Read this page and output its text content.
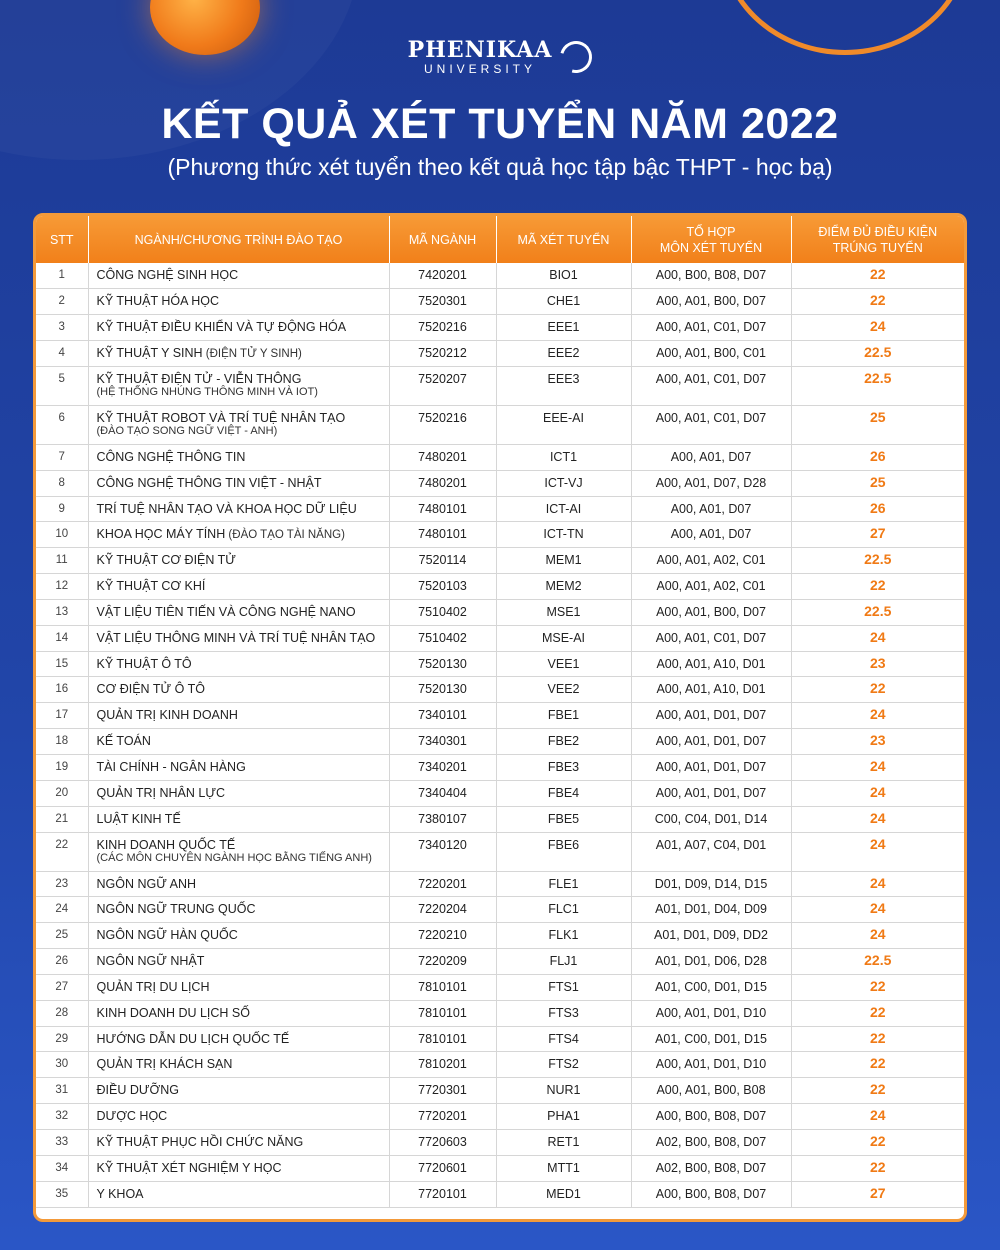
PHENIKAA
UNIVERSITY
KẾT QUẢ XÉT TUYỂN NĂM 2022
(Phương thức xét tuyển theo kết quả học tập bậc THPT - học bạ)
STT	NGÀNH/CHƯƠNG TRÌNH ĐÀO TẠO	MÃ NGÀNH	MÃ XÉT TUYỂN	TỔ HỢP
MÔN XÉT TUYỂN	ĐIỂM ĐỦ ĐIỀU KIỆN
TRÚNG TUYỂN
1	CÔNG NGHỆ SINH HỌC	7420201	BIO1	A00, B00, B08, D07	22
2	KỸ THUẬT HÓA HỌC	7520301	CHE1	A00, A01, B00, D07	22
3	KỸ THUẬT ĐIỀU KHIỂN VÀ TỰ ĐỘNG HÓA	7520216	EEE1	A00, A01, C01, D07	24
4	KỸ THUẬT Y SINH (ĐIỆN TỬ Y SINH)	7520212	EEE2	A00, A01, B00, C01	22.5
5	KỸ THUẬT ĐIỆN TỬ - VIỄN THÔNG
(HỆ THỐNG NHÚNG THÔNG MINH VÀ IOT)	7520207	EEE3	A00, A01, C01, D07	22.5
6	KỸ THUẬT ROBOT VÀ TRÍ TUỆ NHÂN TẠO
(ĐÀO TẠO SONG NGỮ VIỆT - ANH)	7520216	EEE-AI	A00, A01, C01, D07	25
7	CÔNG NGHỆ THÔNG TIN	7480201	ICT1	A00, A01, D07	26
8	CÔNG NGHỆ THÔNG TIN VIỆT - NHẬT	7480201	ICT-VJ	A00, A01, D07, D28	25
9	TRÍ TUỆ NHÂN TẠO VÀ KHOA HỌC DỮ LIỆU	7480101	ICT-AI	A00, A01, D07	26
10	KHOA HỌC MÁY TÍNH (ĐÀO TẠO TÀI NĂNG)	7480101	ICT-TN	A00, A01, D07	27
11	KỸ THUẬT CƠ ĐIỆN TỬ	7520114	MEM1	A00, A01, A02, C01	22.5
12	KỸ THUẬT CƠ KHÍ	7520103	MEM2	A00, A01, A02, C01	22
13	VẬT LIỆU TIÊN TIẾN VÀ CÔNG NGHỆ NANO	7510402	MSE1	A00, A01, B00, D07	22.5
14	VẬT LIỆU THÔNG MINH VÀ TRÍ TUỆ NHÂN TẠO	7510402	MSE-AI	A00, A01, C01, D07	24
15	KỸ THUẬT Ô TÔ	7520130	VEE1	A00, A01, A10, D01	23
16	CƠ ĐIỆN TỬ Ô TÔ	7520130	VEE2	A00, A01, A10, D01	22
17	QUẢN TRỊ KINH DOANH	7340101	FBE1	A00, A01, D01, D07	24
18	KẾ TOÁN	7340301	FBE2	A00, A01, D01, D07	23
19	TÀI CHÍNH - NGÂN HÀNG	7340201	FBE3	A00, A01, D01, D07	24
20	QUẢN TRỊ NHÂN LỰC	7340404	FBE4	A00, A01, D01, D07	24
21	LUẬT KINH TẾ	7380107	FBE5	C00, C04, D01, D14	24
22	KINH DOANH QUỐC TẾ
(CÁC MÔN CHUYÊN NGÀNH HỌC BẰNG TIẾNG ANH)	7340120	FBE6	A01, A07, C04, D01	24
23	NGÔN NGỮ ANH	7220201	FLE1	D01, D09, D14, D15	24
24	NGÔN NGỮ TRUNG QUỐC	7220204	FLC1	A01, D01, D04, D09	24
25	NGÔN NGỮ HÀN QUỐC	7220210	FLK1	A01, D01, D09, DD2	24
26	NGÔN NGỮ NHẬT	7220209	FLJ1	A01, D01, D06, D28	22.5
27	QUẢN TRỊ DU LỊCH	7810101	FTS1	A01, C00, D01, D15	22
28	KINH DOANH DU LỊCH SỐ	7810101	FTS3	A00, A01, D01, D10	22
29	HƯỚNG DẪN DU LỊCH QUỐC TẾ	7810101	FTS4	A01, C00, D01, D15	22
30	QUẢN TRỊ KHÁCH SẠN	7810201	FTS2	A00, A01, D01, D10	22
31	ĐIỀU DƯỠNG	7720301	NUR1	A00, A01, B00, B08	22
32	DƯỢC HỌC	7720201	PHA1	A00, B00, B08, D07	24
33	KỸ THUẬT PHỤC HỒI CHỨC NĂNG	7720603	RET1	A02, B00, B08, D07	22
34	KỸ THUẬT XÉT NGHIỆM Y HỌC	7720601	MTT1	A02, B00, B08, D07	22
35	Y KHOA	7720101	MED1	A00, B00, B08, D07	27
